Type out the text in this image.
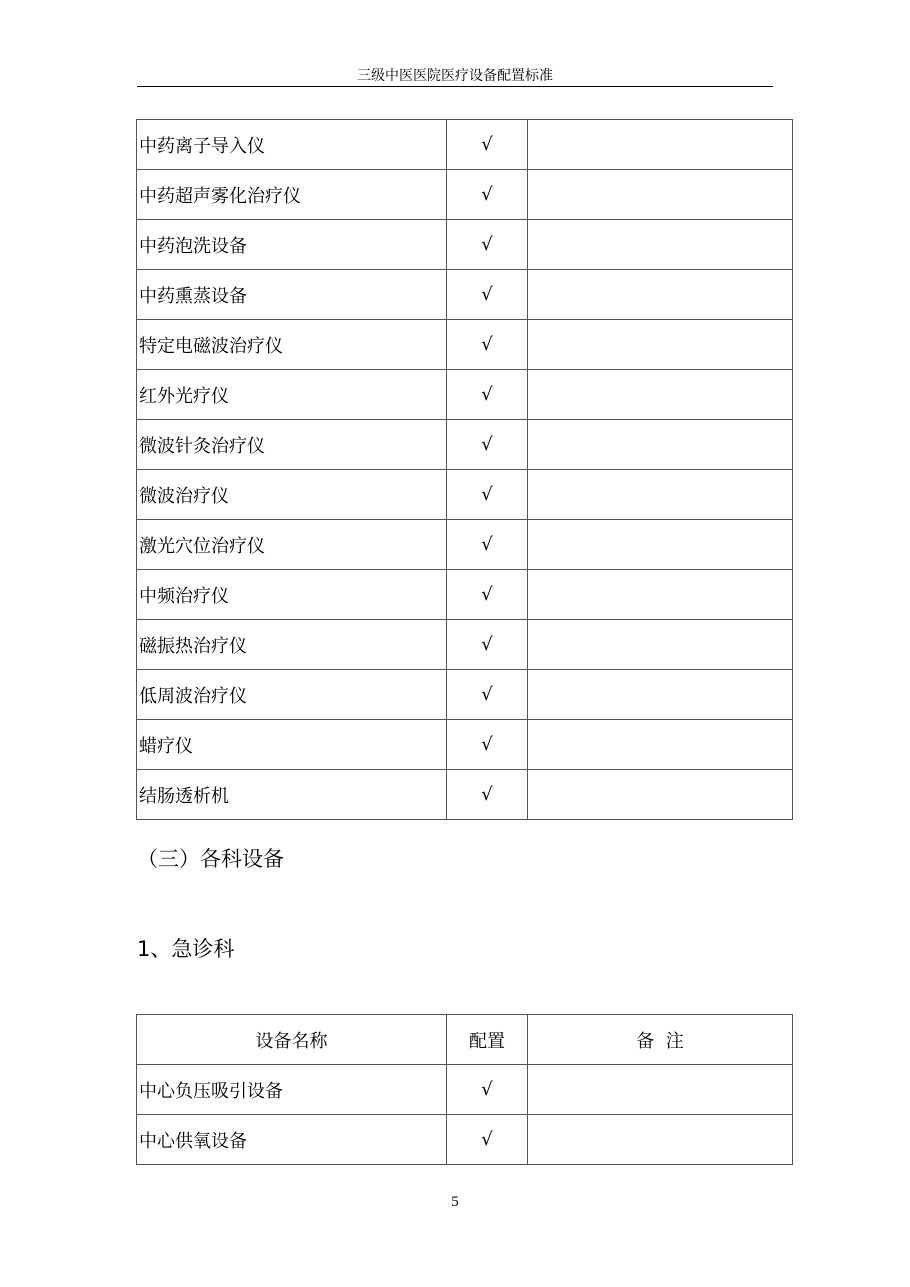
三级中医医院医疗设备配置标准
中药离子导入仪	√	
中药超声雾化治疗仪	√	
中药泡洗设备	√	
中药熏蒸设备	√	
特定电磁波治疗仪	√	
红外光疗仪	√	
微波针灸治疗仪	√	
微波治疗仪	√	
激光穴位治疗仪	√	
中频治疗仪	√	
磁振热治疗仪	√	
低周波治疗仪	√	
蜡疗仪	√	
结肠透析机	√	
（三）各科设备
1、急诊科
设备名称	配置	备  注
中心负压吸引设备	√	
中心供氧设备	√	
5
